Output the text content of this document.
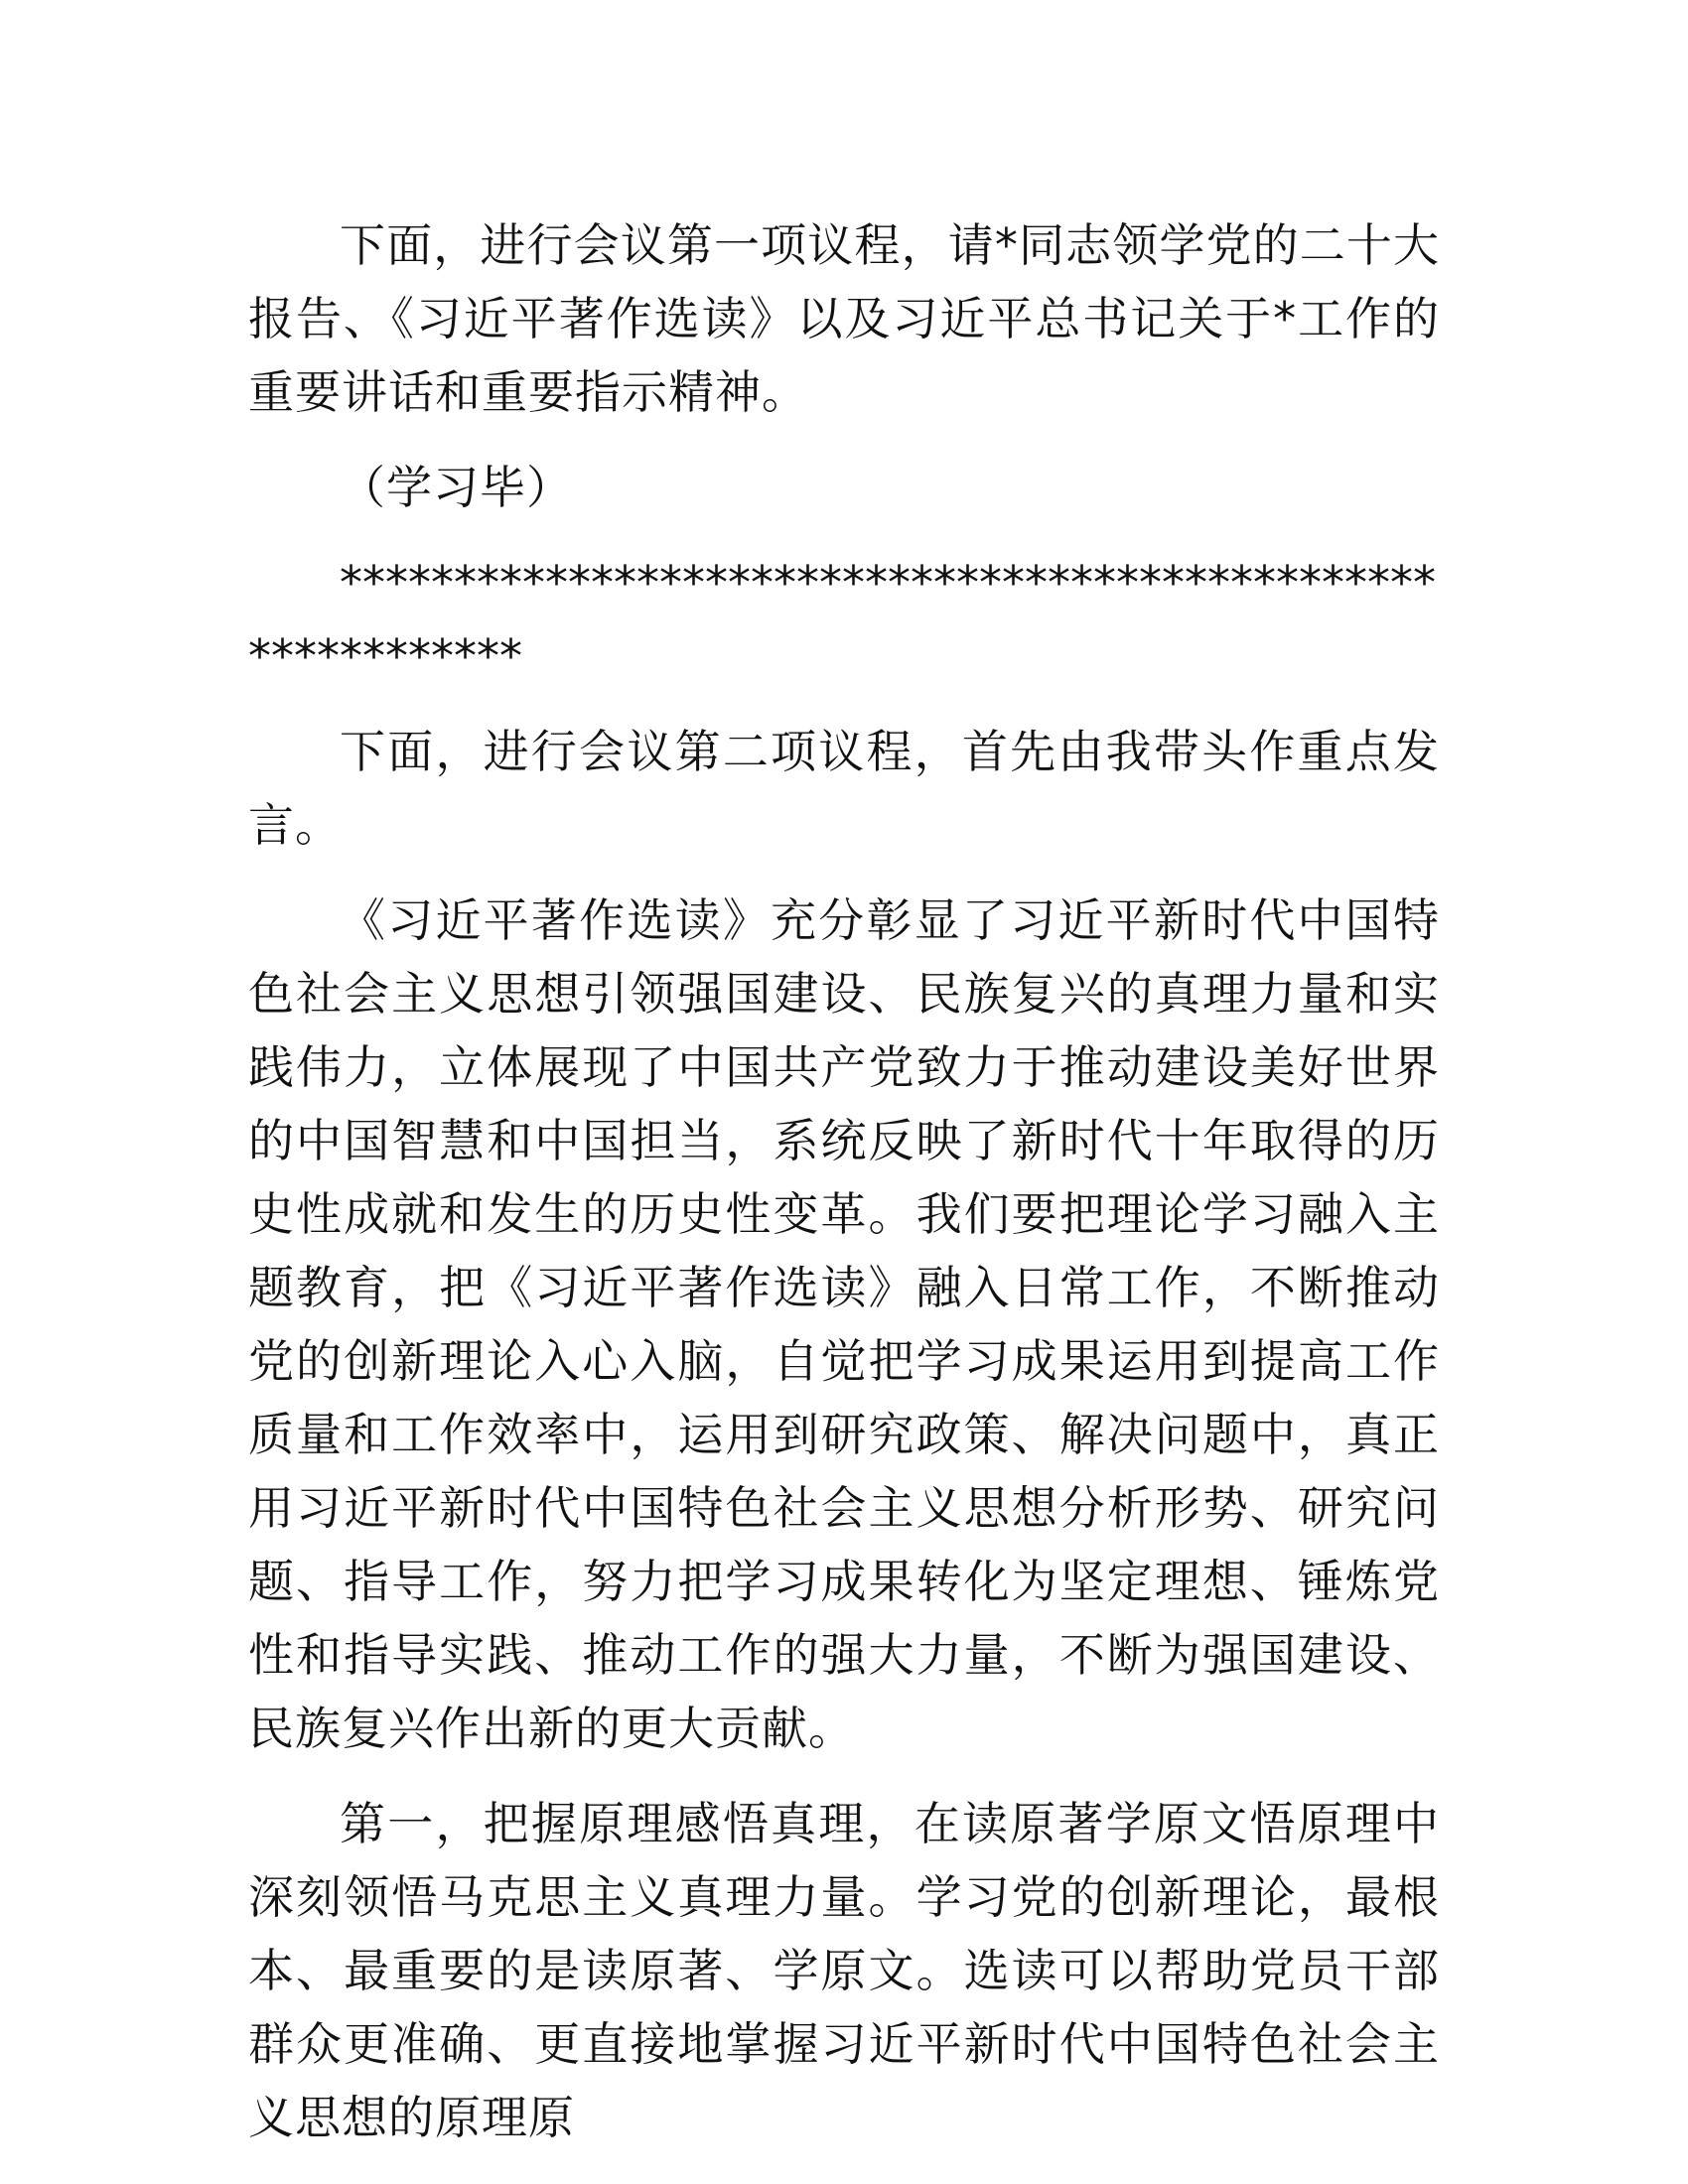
下面，进行会议第一项议程，请*同志领学党的二十大报告、《习近平著作选读》以及习近平总书记关于*工作的重要讲话和重要指示精神。

（学习毕）

************************************************************

下面，进行会议第二项议程，首先由我带头作重点发言。

《习近平著作选读》充分彰显了习近平新时代中国特色社会主义思想引领强国建设、民族复兴的真理力量和实践伟力，立体展现了中国共产党致力于推动建设美好世界的中国智慧和中国担当，系统反映了新时代十年取得的历史性成就和发生的历史性变革。我们要把理论学习融入主题教育，把《习近平著作选读》融入日常工作，不断推动党的创新理论入心入脑，自觉把学习成果运用到提高工作质量和工作效率中，运用到研究政策、解决问题中，真正用习近平新时代中国特色社会主义思想分析形势、研究问题、指导工作，努力把学习成果转化为坚定理想、锤炼党性和指导实践、推动工作的强大力量，不断为强国建设、民族复兴作出新的更大贡献。

第一，把握原理感悟真理，在读原著学原文悟原理中深刻领悟马克思主义真理力量。学习党的创新理论，最根本、最重要的是读原著、学原文。选读可以帮助党员干部群众更准确、更直接地掌握习近平新时代中国特色社会主义思想的原理原
